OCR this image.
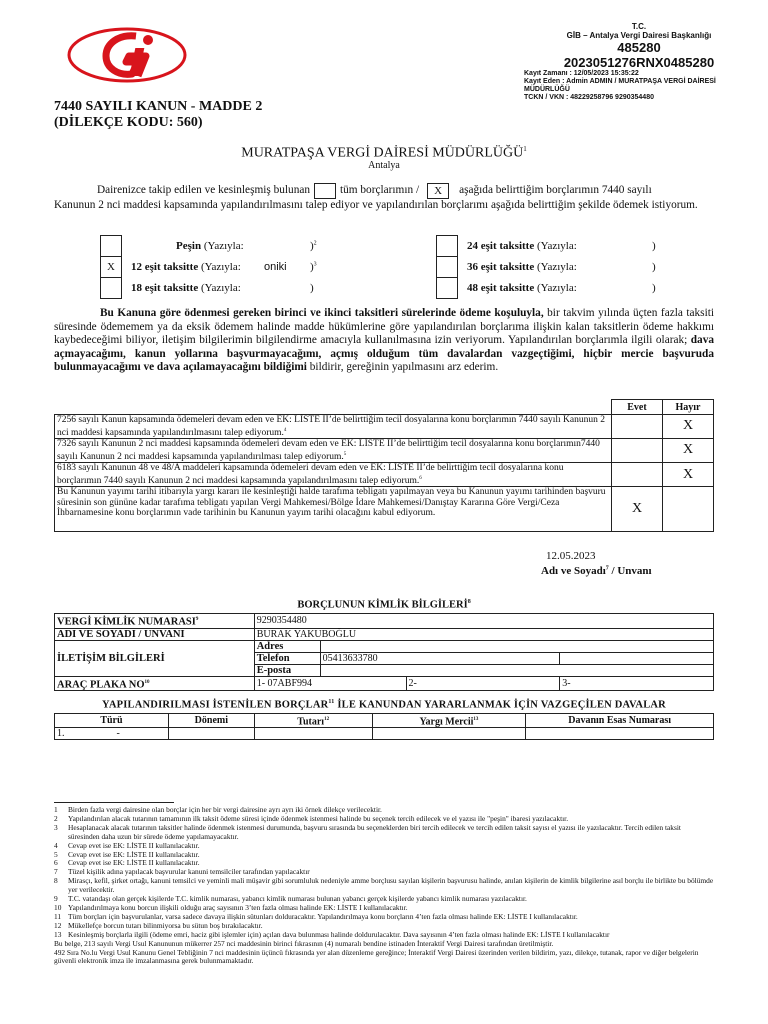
T.C.
GİB – Antalya Vergi Dairesi Başkanlığı
485280
2023051276RNX0485280
Kayıt Zamanı : 12/05/2023 15:35:22
Kayıt Eden : Admin ADMIN / MURATPAŞA VERGİ DAİRESİ MÜDÜRLÜĞÜ
TCKN / VKN : 48229258796 9290354480
7440 SAYILI KANUN - MADDE 2
(DİLEKÇE KODU: 560)
MURATPAŞA VERGİ DAİRESİ MÜDÜRLÜĞÜ$^1$
Antalya
Dairenizce takip edilen ve kesinleşmiş bulunan	tüm borçlarımın /	X	aşağıda belirttiğim borçlarımın 7440 sayılı
Kanunun 2 nci maddesi kapsamında yapılandırılmasını talep ediyor ve yapılandırılan borçlarımı aşağıda belirttiğim şekilde ödemek istiyorum.
Peşin (Yazıyla:	)$^2$
X	12 eşit taksitte (Yazıyla: oniki )$^3$
18 eşit taksitte (Yazıyla:	)
24 eşit taksitte (Yazıyla:	)
36 eşit taksitte (Yazıyla:	)
48 eşit taksitte (Yazıyla:	)
Bu Kanuna göre ödenmesi gereken birinci ve ikinci taksitleri sürelerinde ödeme koşuluyla, bir takvim yılında üçten fazla taksiti süresinde ödememem ya da eksik ödemem halinde madde hükümlerine göre yapılandırılan borçlarıma ilişkin kalan taksitlerin ödeme hakkımı kaybedeceğimi biliyor, iletişim bilgilerimin bilgilendirme amacıyla kullanılmasına izin veriyorum. Yapılandırılan borçlarımla ilgili olarak; dava açmayacağımı, kanun yollarına başvurmayacağımı, açmış olduğum tüm davalardan vazgeçtiğimi, hiçbir mercie başvuruda bulunmayacağımı ve dava açılamayacağını bildiğimi bildirir, gereğinin yapılmasını arz ederim.
	Evet	Hayır
7256 sayılı Kanun kapsamında ödemeleri devam eden ve EK: LİSTE II’de belirttiğim tecil dosyalarına konu borçlarımın 7440 sayılı Kanunun 2 nci maddesi kapsamında yapılandırılmasını talep ediyorum.$^4$		X
7326 sayılı Kanunun 2 nci maddesi kapsamında ödemeleri devam eden ve EK: LİSTE II’de belirttiğim tecil dosyalarına konu borçlarımın7440 sayılı Kanunun 2 nci maddesi kapsamında yapılandırılması talep ediyorum.$^5$		X
6183 sayılı Kanunun 48 ve 48/A maddeleri kapsamında ödemeleri devam eden ve EK: LİSTE II’de belirttiğim tecil dosyalarına konu borçlarımın 7440 sayılı Kanunun 2 nci maddesi kapsamında yapılandırılmasını talep ediyorum.$^6$		X
Bu Kanunun yayımı tarihi itibarıyla yargı kararı ile kesinleştiği halde tarafıma tebligatı yapılmayan veya bu Kanunun yayımı tarihinden başvuru süresinin son gününe kadar tarafıma tebligatı yapılan Vergi Mahkemesi/Bölge İdare Mahkemesi/Danıştay Kararına Göre Vergi/Ceza İhbarnamesine konu borçlarımın vade tarihinin bu Kanunun yayım tarihi olacağını kabul ediyorum.	X	
12.05.2023
Adı ve Soyadı$^7$ / Unvanı
BORÇLUNUN KİMLİK BİLGİLERİ$^8$
VERGİ KİMLİK NUMARASI$^9$	9290354480			
ADI VE SOYADI / UNVANI	BURAK YAKUBOĞLU			
İLETİŞİM BİLGİLERİ	Adres			
	Telefon	05413633780		
	E-posta			
ARAÇ PLAKA NO$^{10}$	1- 07ABF994		2-	3-
YAPILANDIRILMASI İSTENİLEN BORÇLAR$^{11}$ İLE KANUNDAN YARARLANMAK İÇİN VAZGEÇİLEN DAVALAR
Türü	Dönemi	Tutarı$^{12}$	Yargı Mercii$^{13}$	Davanın Esas Numarası
1. -				
1	Birden fazla vergi dairesine olan borçlar için her bir vergi dairesine ayrı ayrı iki örnek dilekçe verilecektir.
2	Yapılandırılan alacak tutarının tamamının ilk taksit ödeme süresi içinde ödenmek istenmesi halinde bu seçenek tercih edilecek ve el yazısı ile "peşin" ibaresi yazılacaktır.
3	Hesaplanacak alacak tutarının taksitler halinde ödenmek istenmesi durumunda, başvuru sırasında bu seçeneklerden biri tercih edilecek ve tercih edilen taksit sayısı el yazısı ile yazılacaktır. Tercih edilen taksit süresinden daha uzun bir sürede ödeme yapılamayacaktır.
4	Cevap evet ise EK: LİSTE II kullanılacaktır.
5	Cevap evet ise EK: LİSTE II kullanılacaktır.
6	Cevap evet ise EK: LİSTE II kullanılacaktır.
7	Tüzel kişilik adına yapılacak başvurular kanuni temsilciler tarafından yapılacaktır
8	Mirasçı, kefil, şirket ortağı, kanuni temsilci ve yeminli mali müşavir gibi sorumluluk nedeniyle amme borçlusu sayılan kişilerin başvurusu halinde, anılan kişilerin de kimlik bilgilerine asıl borçlu ile birlikte bu bölümde yer verilecektir.
9	T.C. vatandaşı olan gerçek kişilerde T.C. kimlik numarası, yabancı kimlik numarası bulunan yabancı gerçek kişilerde yabancı kimlik numarası yazılacaktır.
10 Yapılandırılmaya konu borcun ilişkili olduğu araç sayısının 3’ten fazla olması halinde EK: LİSTE I kullanılacaktır.
11 Tüm borçları için başvurulanlar, varsa sadece davaya ilişkin sütunları dolduracaktır. Yapılandırılmaya konu borçların 4’ten fazla olması halinde EK: LİSTE I kullanılacaktır.
12 Mükellefçe borcun tutarı bilinmiyorsa bu sütun boş bırakılacaktır.
13 Kesinleşmiş borçlarla ilgili (ödeme emri, haciz gibi işlemler için) açılan dava bulunması halinde doldurulacaktır. Dava sayısının 4’ten fazla olması halinde EK: LİSTE I kullanılacaktır
Bu belge, 213 sayılı Vergi Usul Kanununun mükerrer 257 nci maddesinin birinci fıkrasının (4) numaralı bendine istinaden İnteraktif Vergi Dairesi tarafından üretilmiştir.
492 Sıra No.lu Vergi Usul Kanunu Genel Tebliğinin 7 nci maddesinin üçüncü fıkrasında yer alan düzenleme gereğince; İnteraktif Vergi Dairesi üzerinden verilen bildirim, yazı, dilekçe, tutanak, rapor ve diğer belgelerin güvenli elektronik imza ile imzalanmasına gerek bulunmamaktadır.
